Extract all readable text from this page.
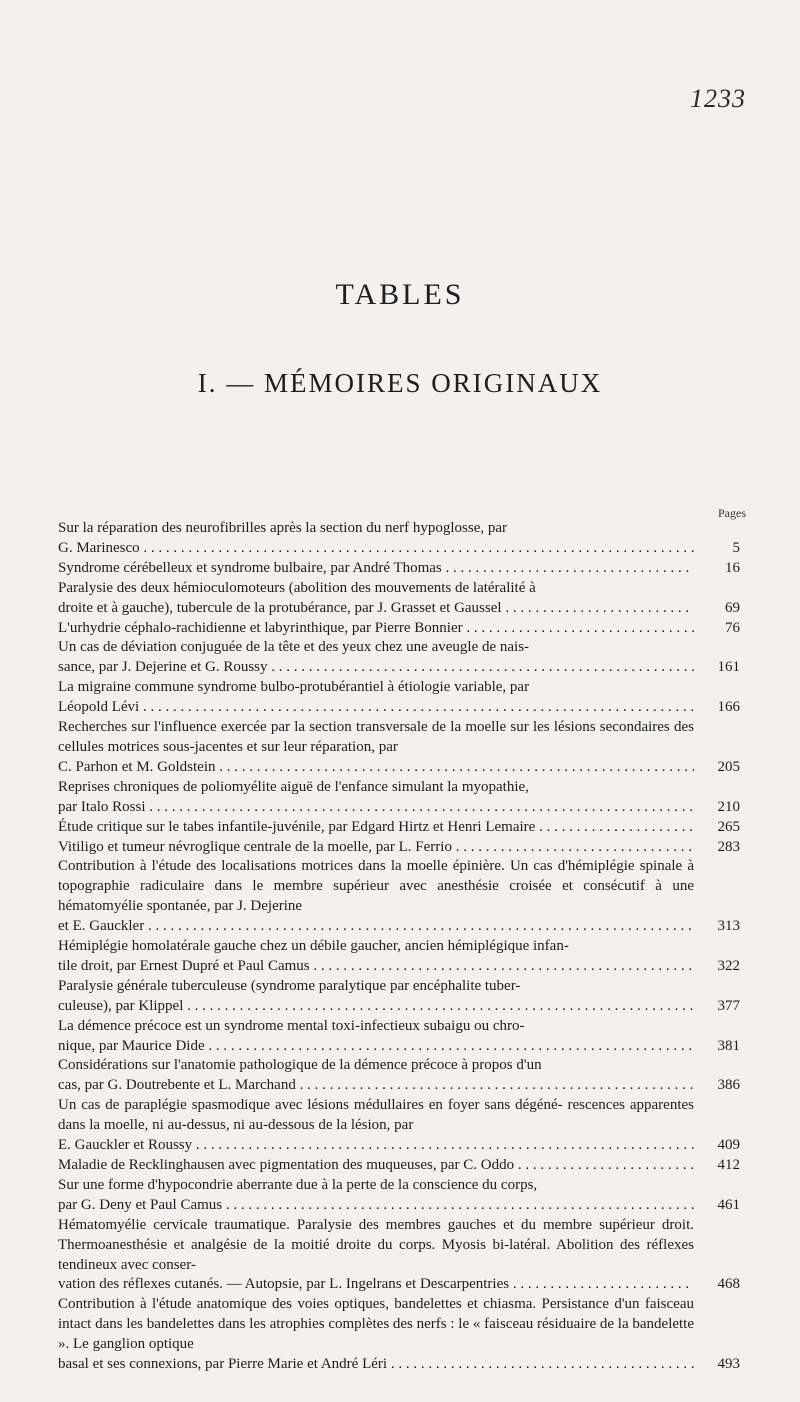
1233
TABLES
I. — MÉMOIRES ORIGINAUX
Pages
Sur la réparation des neurofibrilles après la section du nerf hypoglosse, par
G. Marinesco . . .	5
Syndrome cérébelleux et syndrome bulbaire, par André Thomas . . .	16
Paralysie des deux hémioculomoteurs (abolition des mouvements de latéralité à
droite et à gauche), tubercule de la protubérance, par J. Grasset et Gaussel . . .	69
L'urhydrie céphalo-rachidienne et labyrinthique, par Pierre Bonnier . . .	76
Un cas de déviation conjuguée de la tête et des yeux chez une aveugle de nais-
sance, par J. Dejerine et G. Roussy . . .	161
La migraine commune syndrome bulbo-protubérantiel à étiologie variable, par
Léopold Lévi . . .	166
Recherches sur l'influence exercée par la section transversale de la moelle sur les lésions secondaires des cellules motrices sous-jacentes et sur leur réparation, par
C. Parhon et M. Goldstein . . .	205
Reprises chroniques de poliomyélite aiguë de l'enfance simulant la myopathie,
par Italo Rossi . . .	210
Étude critique sur le tabes infantile-juvénile, par Edgard Hirtz et Henri Lemaire . . .	265
Vitiligo et tumeur névroglique centrale de la moelle, par L. Ferrio . . .	283
Contribution à l'étude des localisations motrices dans la moelle épinière. Un cas d'hémiplégie spinale à topographie radiculaire dans le membre supérieur avec anesthésie croisée et consécutif à une hématomyélie spontanée, par J. Dejerine
et E. Gauckler . . .	313
Hémiplégie homolatérale gauche chez un débile gaucher, ancien hémiplégique infan-
tile droit, par Ernest Dupré et Paul Camus . . .	322
Paralysie générale tuberculeuse (syndrome paralytique par encéphalite tuber-
culeuse), par Klippel . . .	377
La démence précoce est un syndrome mental toxi-infectieux subaigu ou chro-
nique, par Maurice Dide . . .	381
Considérations sur l'anatomie pathologique de la démence précoce à propos d'un
cas, par G. Doutrebente et L. Marchand . . .	386
Un cas de paraplégie spasmodique avec lésions médullaires en foyer sans dégéné- rescences apparentes dans la moelle, ni au-dessus, ni au-dessous de la lésion, par
E. Gauckler et Roussy . . .	409
Maladie de Recklinghausen avec pigmentation des muqueuses, par C. Oddo . . .	412
Sur une forme d'hypocondrie aberrante due à la perte de la conscience du corps,
par G. Deny et Paul Camus . . .	461
Hématomyélie cervicale traumatique. Paralysie des membres gauches et du membre supérieur droit. Thermoanesthésie et analgésie de la moitié droite du corps. Myosis bi-latéral. Abolition des réflexes tendineux avec conser-
vation des réflexes cutanés. — Autopsie, par L. Ingelrans et Descarpentries . . .	468
Contribution à l'étude anatomique des voies optiques, bandelettes et chiasma. Persistance d'un faisceau intact dans les bandelettes dans les atrophies complètes des nerfs : le « faisceau résiduaire de la bandelette ». Le ganglion optique
basal et ses connexions, par Pierre Marie et André Léri . . .	493
